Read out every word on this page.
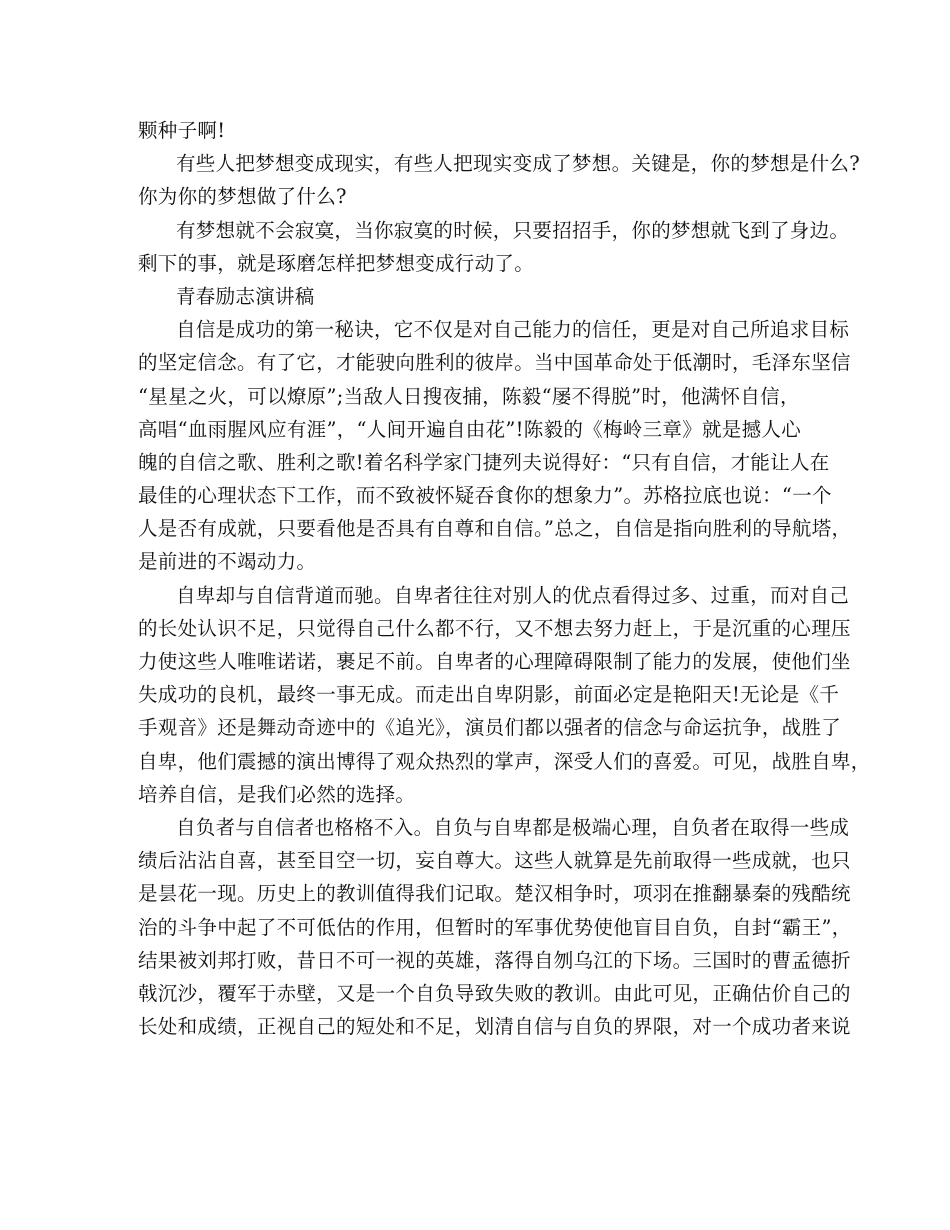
颗种子啊!
有些人把梦想变成现实，有些人把现实变成了梦想。关键是，你的梦想是什么?
你为你的梦想做了什么?
有梦想就不会寂寞，当你寂寞的时候，只要招招手，你的梦想就飞到了身边。
剩下的事，就是琢磨怎样把梦想变成行动了。
青春励志演讲稿
自信是成功的第一秘诀，它不仅是对自己能力的信任，更是对自己所追求目标
的坚定信念。有了它，才能驶向胜利的彼岸。当中国革命处于低潮时，毛泽东坚信
“星星之火，可以燎原”;当敌人日搜夜捕，陈毅“屡不得脱”时，他满怀自信，
高唱“血雨腥风应有涯”，“人间开遍自由花”!陈毅的《梅岭三章》就是撼人心
魄的自信之歌、胜利之歌!着名科学家门捷列夫说得好：“只有自信，才能让人在
最佳的心理状态下工作，而不致被怀疑吞食你的想象力”。苏格拉底也说：“一个
人是否有成就，只要看他是否具有自尊和自信。”总之，自信是指向胜利的导航塔，
是前进的不竭动力。
自卑却与自信背道而驰。自卑者往往对别人的优点看得过多、过重，而对自己
的长处认识不足，只觉得自己什么都不行，又不想去努力赶上，于是沉重的心理压
力使这些人唯唯诺诺，裹足不前。自卑者的心理障碍限制了能力的发展，使他们坐
失成功的良机，最终一事无成。而走出自卑阴影，前面必定是艳阳天!无论是《千
手观音》还是舞动奇迹中的《追光》，演员们都以强者的信念与命运抗争，战胜了
自卑，他们震撼的演出博得了观众热烈的掌声，深受人们的喜爱。可见，战胜自卑，
培养自信，是我们必然的选择。
自负者与自信者也格格不入。自负与自卑都是极端心理，自负者在取得一些成
绩后沾沾自喜，甚至目空一切，妄自尊大。这些人就算是先前取得一些成就，也只
是昙花一现。历史上的教训值得我们记取。楚汉相争时，项羽在推翻暴秦的残酷统
治的斗争中起了不可低估的作用，但暂时的军事优势使他盲目自负，自封“霸王”，
结果被刘邦打败，昔日不可一视的英雄，落得自刎乌江的下场。三国时的曹孟德折
戟沉沙，覆军于赤壁，又是一个自负导致失败的教训。由此可见，正确估价自己的
长处和成绩，正视自己的短处和不足，划清自信与自负的界限，对一个成功者来说
